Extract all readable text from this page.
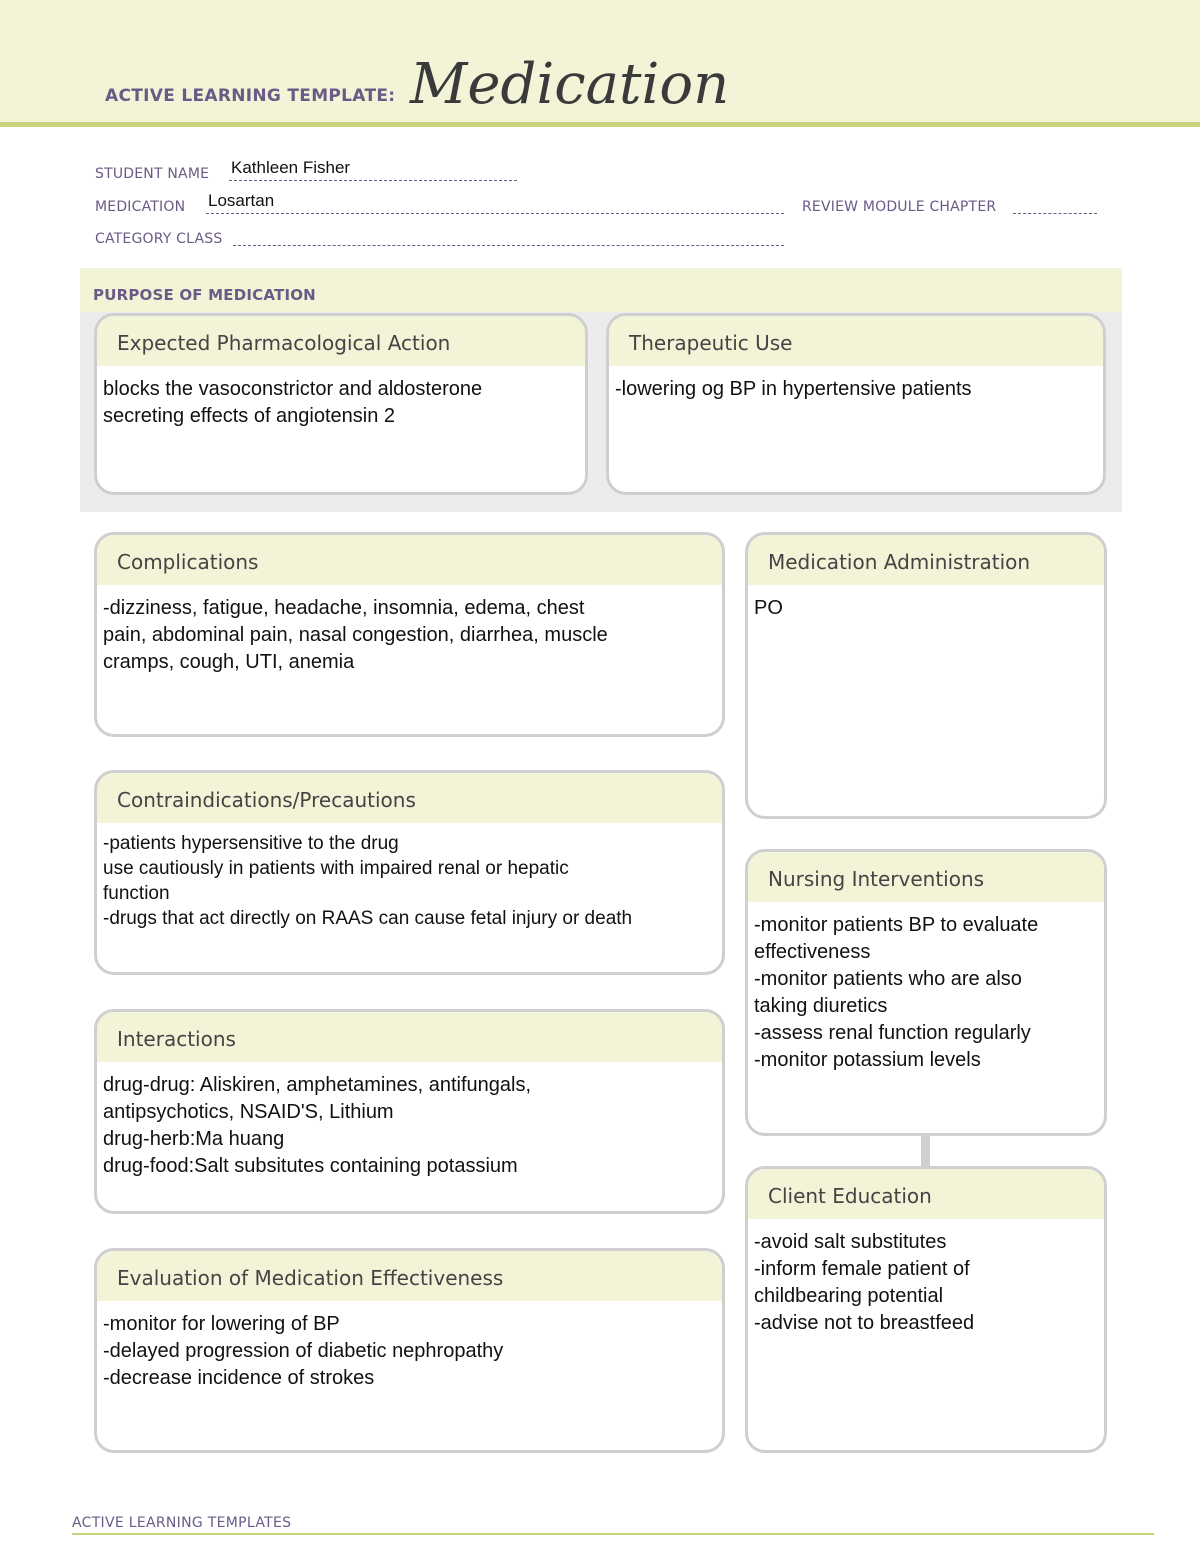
ACTIVE LEARNING TEMPLATE: Medication
STUDENT NAME Kathleen Fisher
MEDICATION Losartan	REVIEW MODULE CHAPTER
CATEGORY CLASS
PURPOSE OF MEDICATION
Expected Pharmacological Action
blocks the vasoconstrictor and aldosterone
secreting effects of angiotensin 2
Therapeutic Use
-lowering og BP in hypertensive patients
Complications
-dizziness, fatigue, headache, insomnia, edema, chest
pain, abdominal pain, nasal congestion, diarrhea, muscle
cramps, cough, UTI, anemia
Contraindications/Precautions
-patients hypersensitive to the drug
use cautiously in patients with impaired renal or hepatic
function
-drugs that act directly on RAAS can cause fetal injury or death
Interactions
drug-drug: Aliskiren, amphetamines, antifungals,
antipsychotics, NSAID'S, Lithium
drug-herb:Ma huang
drug-food:Salt subsitutes containing potassium
Evaluation of Medication Effectiveness
-monitor for lowering of BP
-delayed progression of diabetic nephropathy
-decrease incidence of strokes
Medication Administration
PO
Nursing Interventions
-monitor patients BP to evaluate
effectiveness
-monitor patients who are also
taking diuretics
-assess renal function regularly
-monitor potassium levels
Client Education
-avoid salt substitutes
-inform female patient of
childbearing potential
-advise not to breastfeed
ACTIVE LEARNING TEMPLATES
